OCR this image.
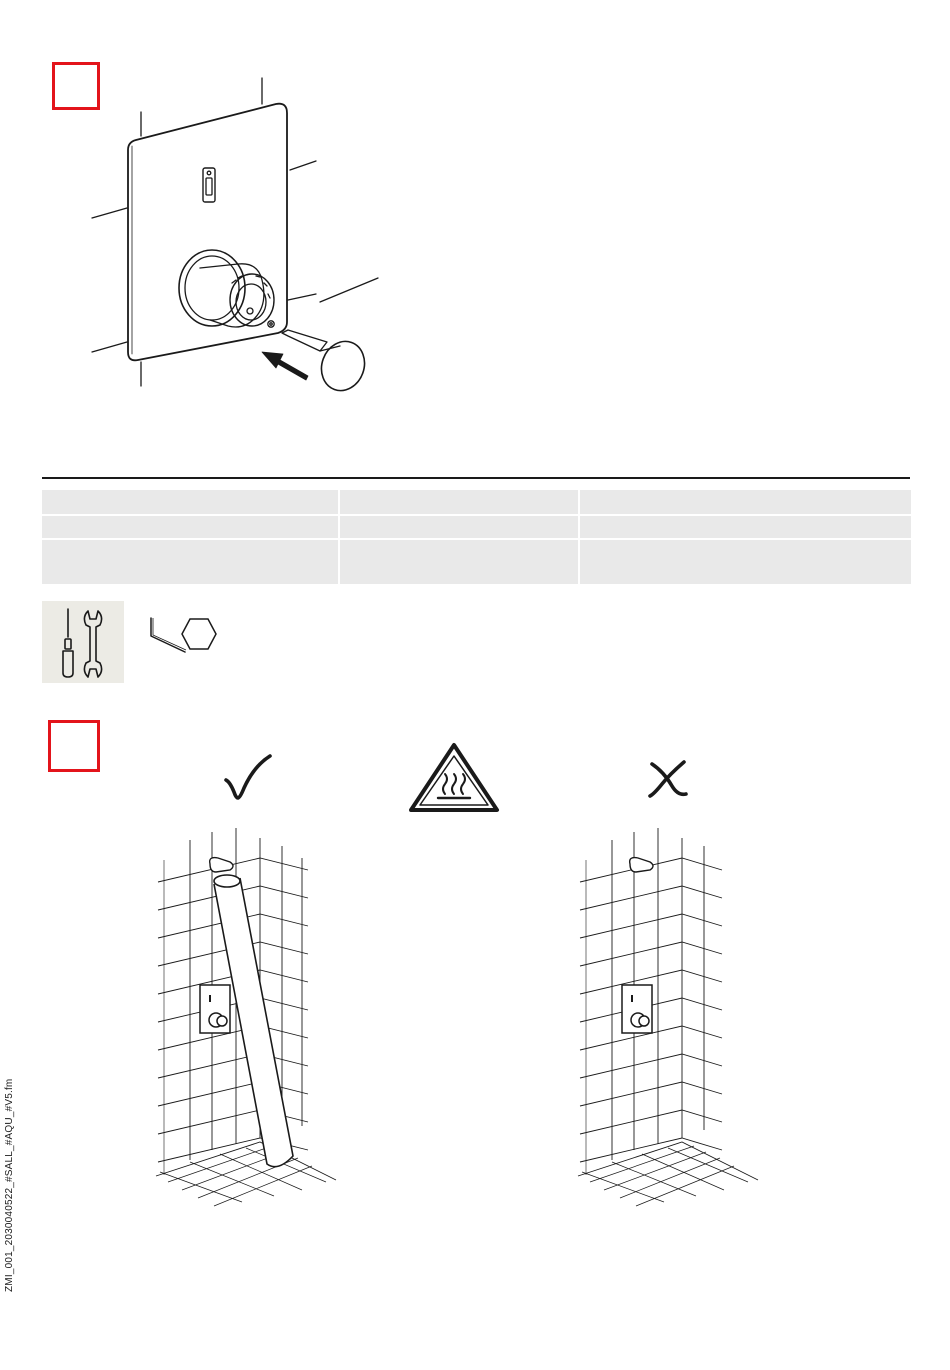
ZMI_001_2030040522_#SALL_#AQU_#V5.fm
